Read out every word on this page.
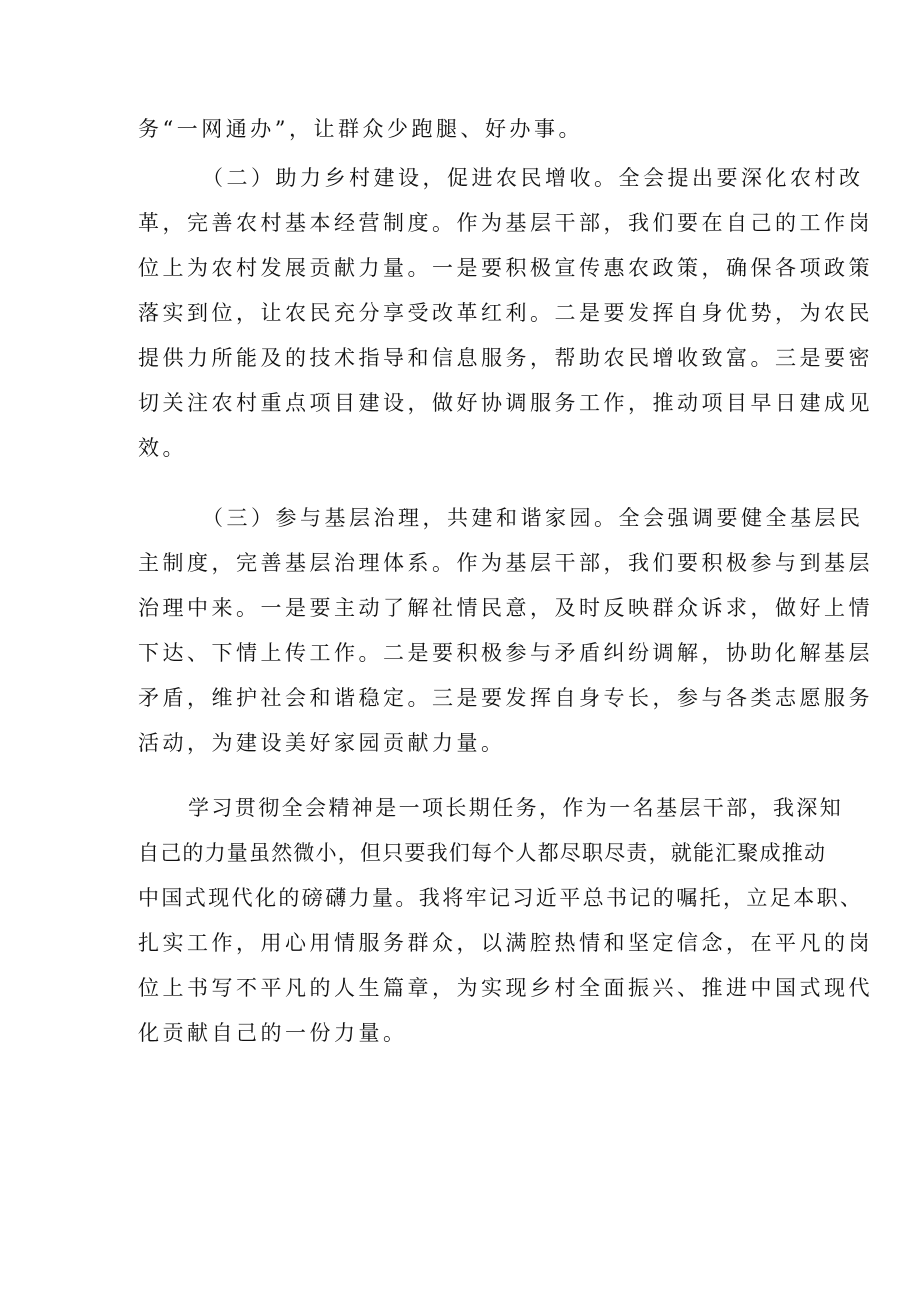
务“一网通办”，让群众少跑腿、好办事。
（二）助力乡村建设，促进农民增收。全会提出要深化农村改
革，完善农村基本经营制度。作为基层干部，我们要在自己的工作岗
位上为农村发展贡献力量。一是要积极宣传惠农政策，确保各项政策
落实到位，让农民充分享受改革红利。二是要发挥自身优势，为农民
提供力所能及的技术指导和信息服务，帮助农民增收致富。三是要密
切关注农村重点项目建设，做好协调服务工作，推动项目早日建成见
效。
（三）参与基层治理，共建和谐家园。全会强调要健全基层民
主制度，完善基层治理体系。作为基层干部，我们要积极参与到基层
治理中来。一是要主动了解社情民意，及时反映群众诉求，做好上情
下达、下情上传工作。二是要积极参与矛盾纠纷调解，协助化解基层
矛盾，维护社会和谐稳定。三是要发挥自身专长，参与各类志愿服务
活动，为建设美好家园贡献力量。
学习贯彻全会精神是一项长期任务，作为一名基层干部，我深知
自己的力量虽然微小，但只要我们每个人都尽职尽责，就能汇聚成推动
中国式现代化的磅礴力量。我将牢记习近平总书记的嘱托，立足本职、
扎实工作，用心用情服务群众，以满腔热情和坚定信念，在平凡的岗
位上书写不平凡的人生篇章，为实现乡村全面振兴、推进中国式现代
化贡献自己的一份力量。
